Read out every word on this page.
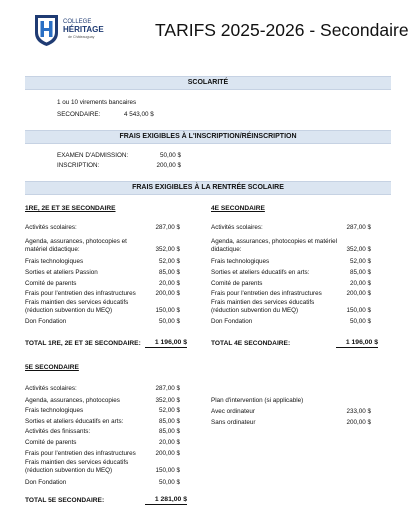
COLLEGE
HÉRITAGE
de Châteauguay	TARIFS 2025-2026 - Secondaire
SCOLARITÉ
1 ou 10 virements bancaires
SECONDAIRE:	4 543,00 $
FRAIS EXIGIBLES À L'INSCRIPTION/RÉINSCRIPTION
EXAMEN D'ADMISSION:	50,00 $
INSCRIPTION:	200,00 $
FRAIS EXIGIBLES À LA RENTRÉE SCOLAIRE
1RE, 2E ET 3E SECONDAIRE
Activités scolaires:	287,00 $
Agenda, assurances, photocopies et
matériel didactique:	352,00 $
Frais technologiques	52,00 $
Sorties et ateliers Passion	85,00 $
Comité de parents	20,00 $
Frais pour l'entretien des infrastructures	200,00 $
Frais maintien des services éducatifs
(réduction subvention du MEQ)	150,00 $
Don Fondation	50,00 $
TOTAL 1RE, 2E ET 3E SECONDAIRE:	1 196,00 $
4E SECONDAIRE
Activités scolaires:	287,00 $
Agenda, assurances, photocopies et matériel
didactique:	352,00 $
Frais technologiques	52,00 $
Sorties et ateliers éducatifs en arts:	85,00 $
Comité de parents	20,00 $
Frais pour l'entretien des infrastructures	200,00 $
Frais maintien des services éducatifs
(réduction subvention du MEQ)	150,00 $
Don Fondation	50,00 $
TOTAL 4E SECONDAIRE:	1 196,00 $
5E SECONDAIRE
Activités scolaires:	287,00 $
Agenda, assurances, photocopies	352,00 $
Frais technologiques	52,00 $
Sorties et ateliers éducatifs en arts:	85,00 $
Activités des finissants:	85,00 $
Comité de parents	20,00 $
Frais pour l'entretien des infrastructures	200,00 $
Frais maintien des services éducatifs
(réduction subvention du MEQ)	150,00 $
Don Fondation	50,00 $
TOTAL 5E SECONDAIRE:	1 281,00 $
Plan d'intervention (si applicable)
Avec ordinateur	233,00 $
Sans ordinateur	200,00 $
